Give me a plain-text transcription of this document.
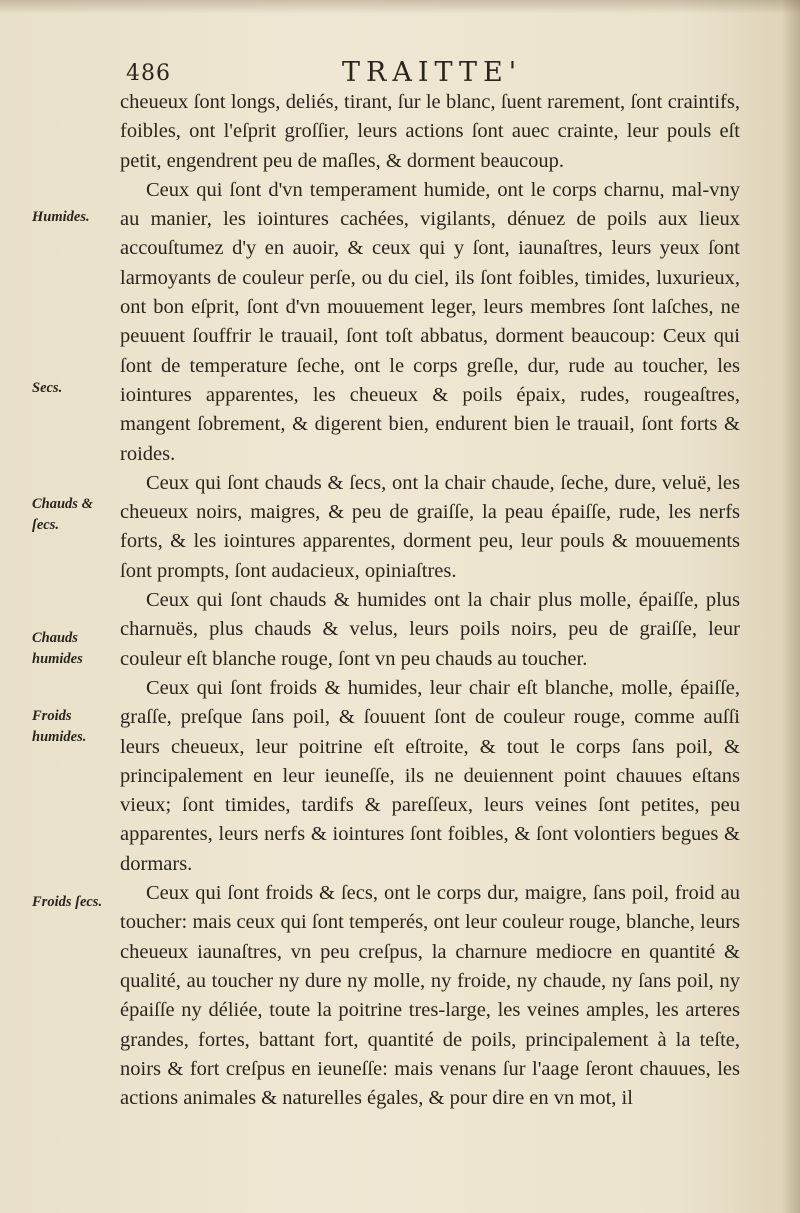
486	TRAITTE'

cheueux ſont longs, deliés, tirant, ſur le blanc, ſuent rarement, ſont craintifs, foibles, ont l'eſprit groſſier, leurs actions ſont auec crainte, leur pouls eſt petit, engendrent peu de maſles, & dorment beaucoup.

Ceux qui ſont d'vn temperament humide, ont le corps charnu, mal-vny au manier, les iointures cachées, vigilants, dénuez de poils aux lieux accouſtumez d'y en auoir, & ceux qui y ſont, iaunaſtres, leurs yeux ſont larmoyants de couleur perſe, ou du ciel, ils ſont foibles, timides, luxurieux, ont bon eſprit, ſont d'vn mouuement leger, leurs membres ſont laſches, ne peuuent ſouffrir le trauail, ſont toſt abbatus, dorment beaucoup: Ceux qui ſont de temperature ſeche, ont le corps greſle, dur, rude au toucher, les iointures apparentes, les cheueux & poils épaix, rudes, rougeaſtres, mangent ſobrement, & digerent bien, endurent bien le trauail, ſont forts & roides.

Ceux qui ſont chauds & ſecs, ont la chair chaude, ſeche, dure, veluë, les cheueux noirs, maigres, & peu de graiſſe, la peau épaiſſe, rude, les nerfs forts, & les iointures apparentes, dorment peu, leur pouls & mouuements ſont prompts, ſont audacieux, opiniaſtres.

Ceux qui ſont chauds & humides ont la chair plus molle, épaiſſe, plus charnuës, plus chauds & velus, leurs poils noirs, peu de graiſſe, leur couleur eſt blanche rouge, ſont vn peu chauds au toucher.

Ceux qui ſont froids & humides, leur chair eſt blanche, molle, épaiſſe, graſſe, preſque ſans poil, & ſouuent ſont de couleur rouge, comme auſſi leurs cheueux, leur poitrine eſt eſtroite, & tout le corps ſans poil, & principalement en leur ieuneſſe, ils ne deuiennent point chauues eſtans vieux; ſont timides, tardifs & pareſſeux, leurs veines ſont petites, peu apparentes, leurs nerfs & iointures ſont foibles, & ſont volontiers begues & dormars.

Ceux qui ſont froids & ſecs, ont le corps dur, maigre, ſans poil, froid au toucher: mais ceux qui ſont temperés, ont leur couleur rouge, blanche, leurs cheueux iaunaſtres, vn peu creſpus, la charnure mediocre en quantité & qualité, au toucher ny dure ny molle, ny froide, ny chaude, ny ſans poil, ny épaiſſe ny déliée, toute la poitrine tres-large, les veines amples, les arteres grandes, fortes, battant fort, quantité de poils, principalement à la teſte, noirs & fort creſpus en ieuneſſe: mais venans ſur l'aage ſeront chauues, les actions animales & naturelles égales, & pour dire en vn mot, il

Humides.
Secs.
Chauds & ſecs.
Chauds humides
Froids humides.
Froids ſecs.
